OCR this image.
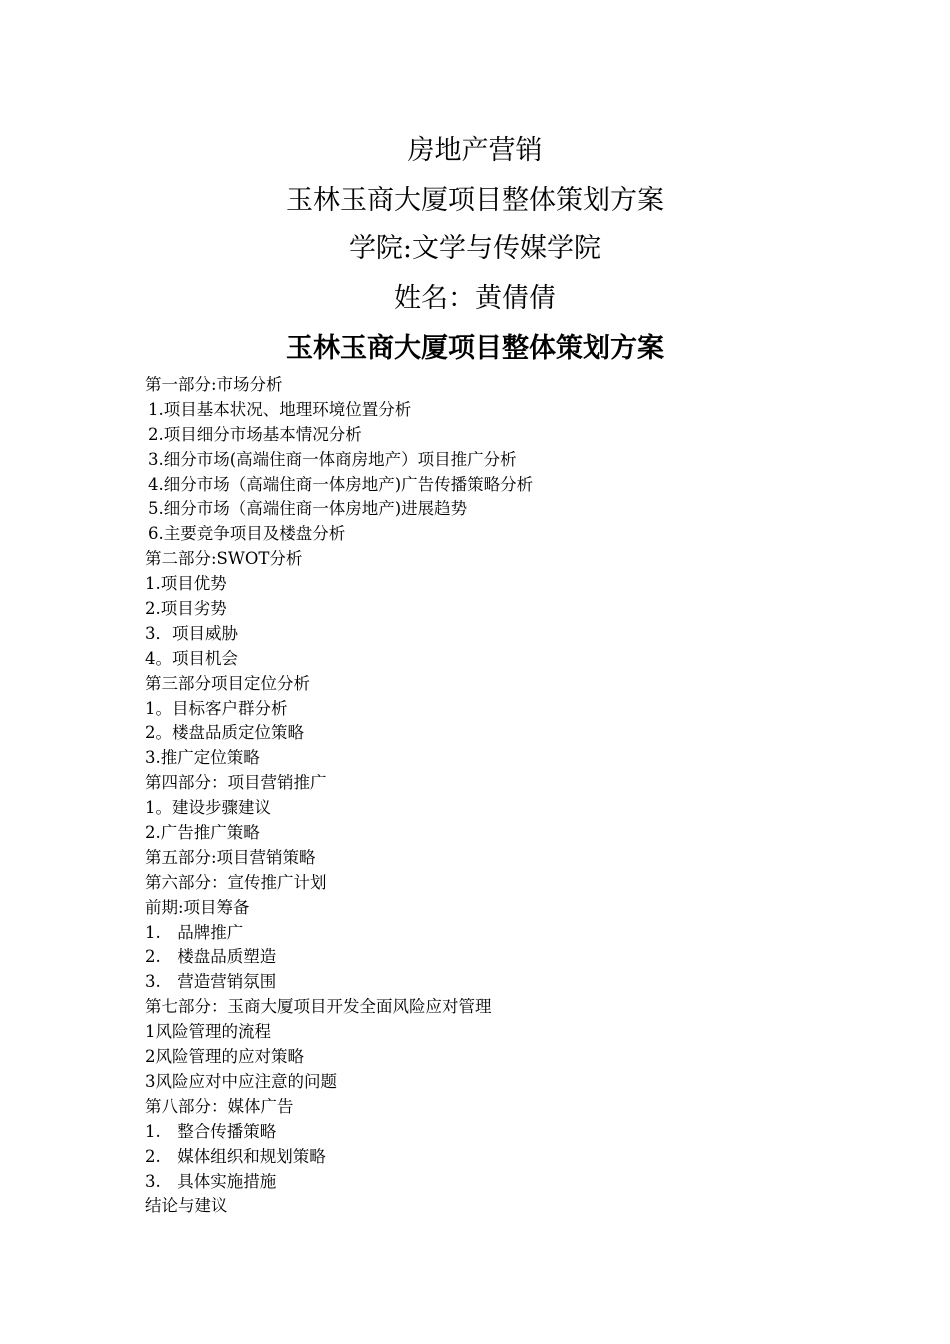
房地产营销
玉林玉商大厦项目整体策划方案
学院:文学与传媒学院
姓名：黄倩倩
玉林玉商大厦项目整体策划方案
第一部分:市场分析
1.项目基本状况、地理环境位置分析
2.项目细分市场基本情况分析
3.细分市场(高端住商一体商房地产）项目推广分析
4.细分市场（高端住商一体房地产)广告传播策略分析
5.细分市场（高端住商一体房地产)进展趋势
6.主要竞争项目及楼盘分析
第二部分:SWOT分析
1.项目优势
2.项目劣势
3．项目威胁
4。项目机会
第三部分项目定位分析
1。目标客户群分析
2。楼盘品质定位策略
3.推广定位策略
第四部分：项目营销推广
1。建设步骤建议
2.广告推广策略
第五部分:项目营销策略
第六部分：宣传推广计划
前期:项目筹备
1.　品牌推广
2.　楼盘品质塑造
3.　营造营销氛围
第七部分：玉商大厦项目开发全面风险应对管理
1风险管理的流程
2风险管理的应对策略
3风险应对中应注意的问题
第八部分：媒体广告
1.　整合传播策略
2.　媒体组织和规划策略
3.　具体实施措施
结论与建议
